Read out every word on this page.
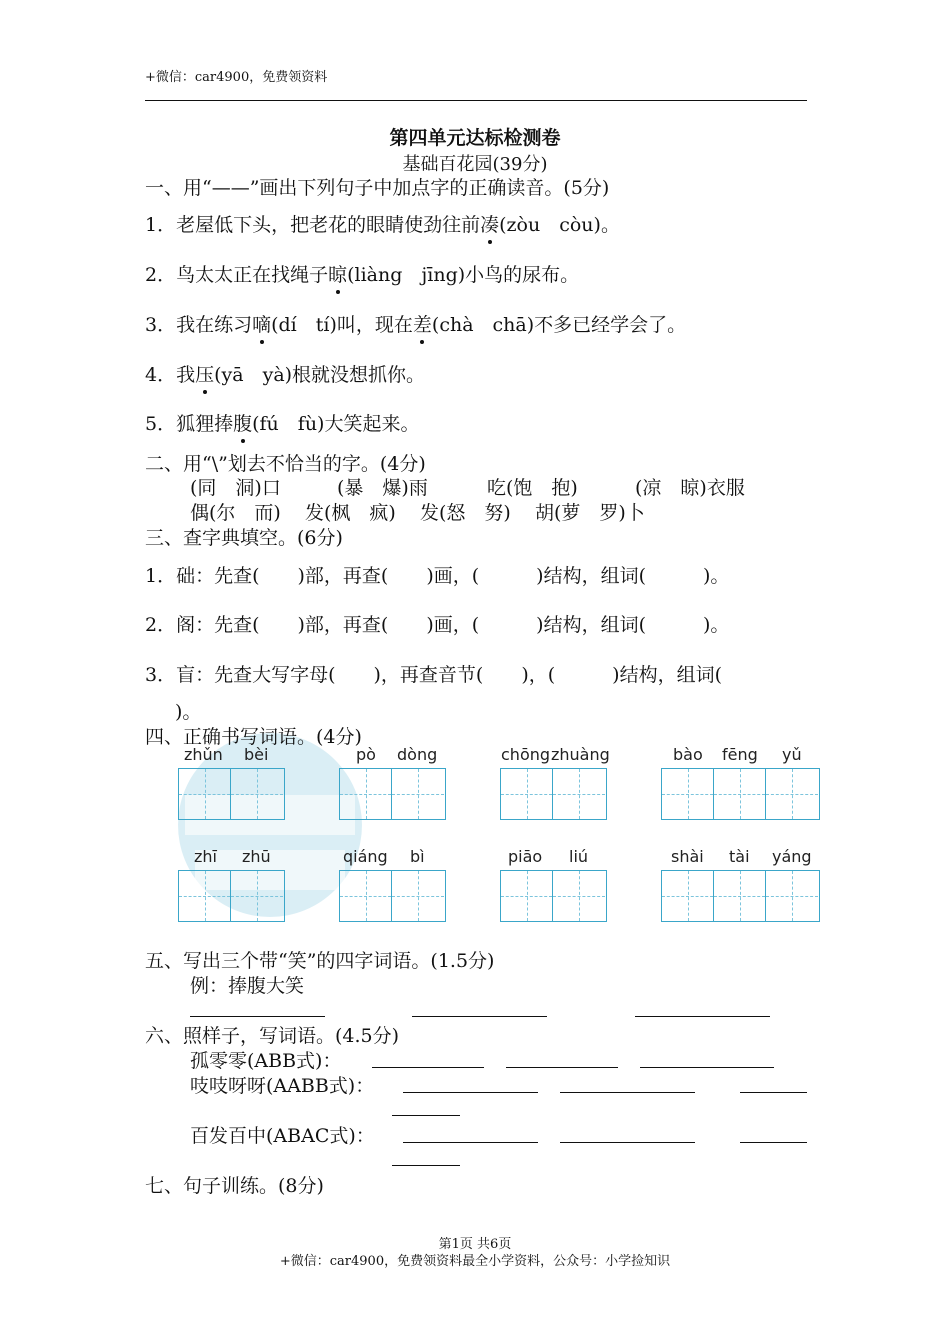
+微信：car4900，免费领资料
第四单元达标检测卷
基础百花园(39分)
一、用“——”画出下列句子中加点字的正确读音。(5分)
1．老屋低下头，把老花的眼睛使劲往前凑(zòu　còu)。
2．鸟太太正在找绳子晾(liàng　jīng)小鸟的尿布。
3．我在练习嘀(dí　tí)叫，现在差(chà　chā)不多已经学会了。
4．我压(yā　yà)根就没想抓你。
5．狐狸捧腹(fú　fù)大笑起来。
二、用“\”划去不恰当的字。(4分)
(同　洞)口	(暴　爆)雨	吃(饱　抱)	(凉　晾)衣服
偶(尔　而) 发(枫　疯) 发(怒　努) 胡(萝　罗)卜
三、查字典填空。(6分)
1．础：先查(　　)部，再查(　　)画，(　　　)结构，组词(　　　)。
2．阁：先查(　　)部，再查(　　)画，(　　　)结构，组词(　　　)。
3．盲：先查大写字母(　　)，再查音节(　　)，(　　　)结构，组词(
)。
四、正确书写词语。(4分)
zhǔn bèi	pò dòng	chōng zhuàng	bào fēng yǔ
zhī zhū	qiáng bì	piāo liú	shài tài yáng
五、写出三个带“笑”的四字词语。(1.5分)
例：捧腹大笑
六、照样子，写词语。(4.5分)
孤零零(ABB式)：
吱吱呀呀(AABB式)：
百发百中(ABAC式)：
七、句子训练。(8分)
第1页 共6页
+微信：car4900，免费领资料最全小学资料，公众号：小学捡知识
